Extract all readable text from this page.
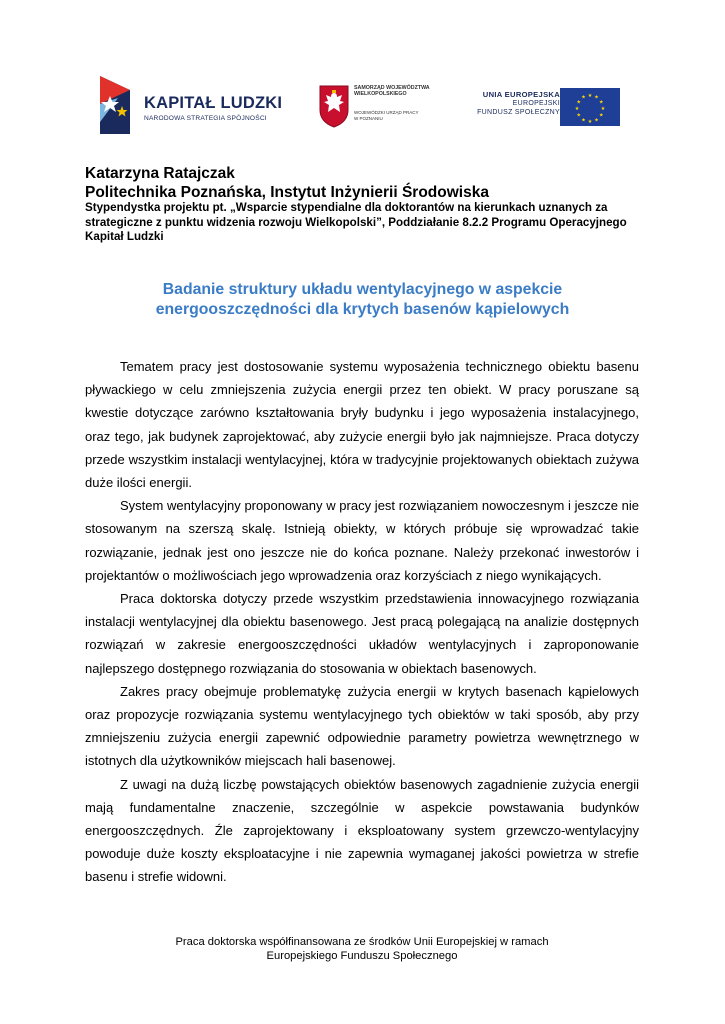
KAPITAŁ LUDZKI
NARODOWA STRATEGIA SPÓJNOŚCI
SAMORZĄD WOJEWÓDZTWA
WIELKOPOLSKIEGO
WOJEWÓDZKI URZĄD PRACY
W POZNANIU
UNIA EUROPEJSKA
EUROPEJSKI
FUNDUSZ SPOŁECZNY
★ ★
★
★
★
★
★
★
★
★
★
★
Katarzyna Ratajczak
Politechnika Poznańska, Instytut Inżynierii Środowiska
Stypendystka projektu pt. „Wsparcie stypendialne dla doktorantów na kierunkach uznanych za strategiczne z punktu widzenia rozwoju Wielkopolski”, Poddziałanie 8.2.2 Programu Operacyjnego Kapitał Ludzki
Badanie struktury układu wentylacyjnego w aspekcie
energooszczędności dla krytych basenów kąpielowych

Tematem pracy jest dostosowanie systemu wyposażenia technicznego obiektu basenu pływackiego w celu zmniejszenia zużycia energii przez ten obiekt. W pracy poruszane są kwestie dotyczące zarówno kształtowania bryły budynku i jego wyposażenia instalacyjnego, oraz tego, jak budynek zaprojektować, aby zużycie energii było jak najmniejsze. Praca dotyczy przede wszystkim instalacji wentylacyjnej, która w tradycyjnie projektowanych obiektach zużywa duże ilości energii.

System wentylacyjny proponowany w pracy jest rozwiązaniem nowoczesnym i jeszcze nie stosowanym na szerszą skalę. Istnieją obiekty, w których próbuje się wprowadzać takie rozwiązanie, jednak jest ono jeszcze nie do końca poznane. Należy przekonać inwestorów i projektantów o możliwościach jego wprowadzenia oraz korzyściach z niego wynikających.

Praca doktorska dotyczy przede wszystkim przedstawienia innowacyjnego rozwiązania instalacji wentylacyjnej dla obiektu basenowego. Jest pracą polegającą na analizie dostępnych rozwiązań w zakresie energooszczędności układów wentylacyjnych i zaproponowanie najlepszego dostępnego rozwiązania do stosowania w obiektach basenowych.

Zakres pracy obejmuje problematykę zużycia energii w krytych basenach kąpielowych oraz propozycje rozwiązania systemu wentylacyjnego tych obiektów w taki sposób, aby przy zmniejszeniu zużycia energii zapewnić odpowiednie parametry powietrza wewnętrznego w istotnych dla użytkowników miejscach hali basenowej.

Z uwagi na dużą liczbę powstających obiektów basenowych zagadnienie zużycia energii mają fundamentalne znaczenie, szczególnie w aspekcie powstawania budynków energooszczędnych. Źle zaprojektowany i eksploatowany system grzewczo-wentylacyjny powoduje duże koszty eksploatacyjne i nie zapewnia wymaganej jakości powietrza w strefie basenu i strefie widowni.

Praca doktorska współfinansowana ze środków Unii Europejskiej w ramach
Europejskiego Funduszu Społecznego
